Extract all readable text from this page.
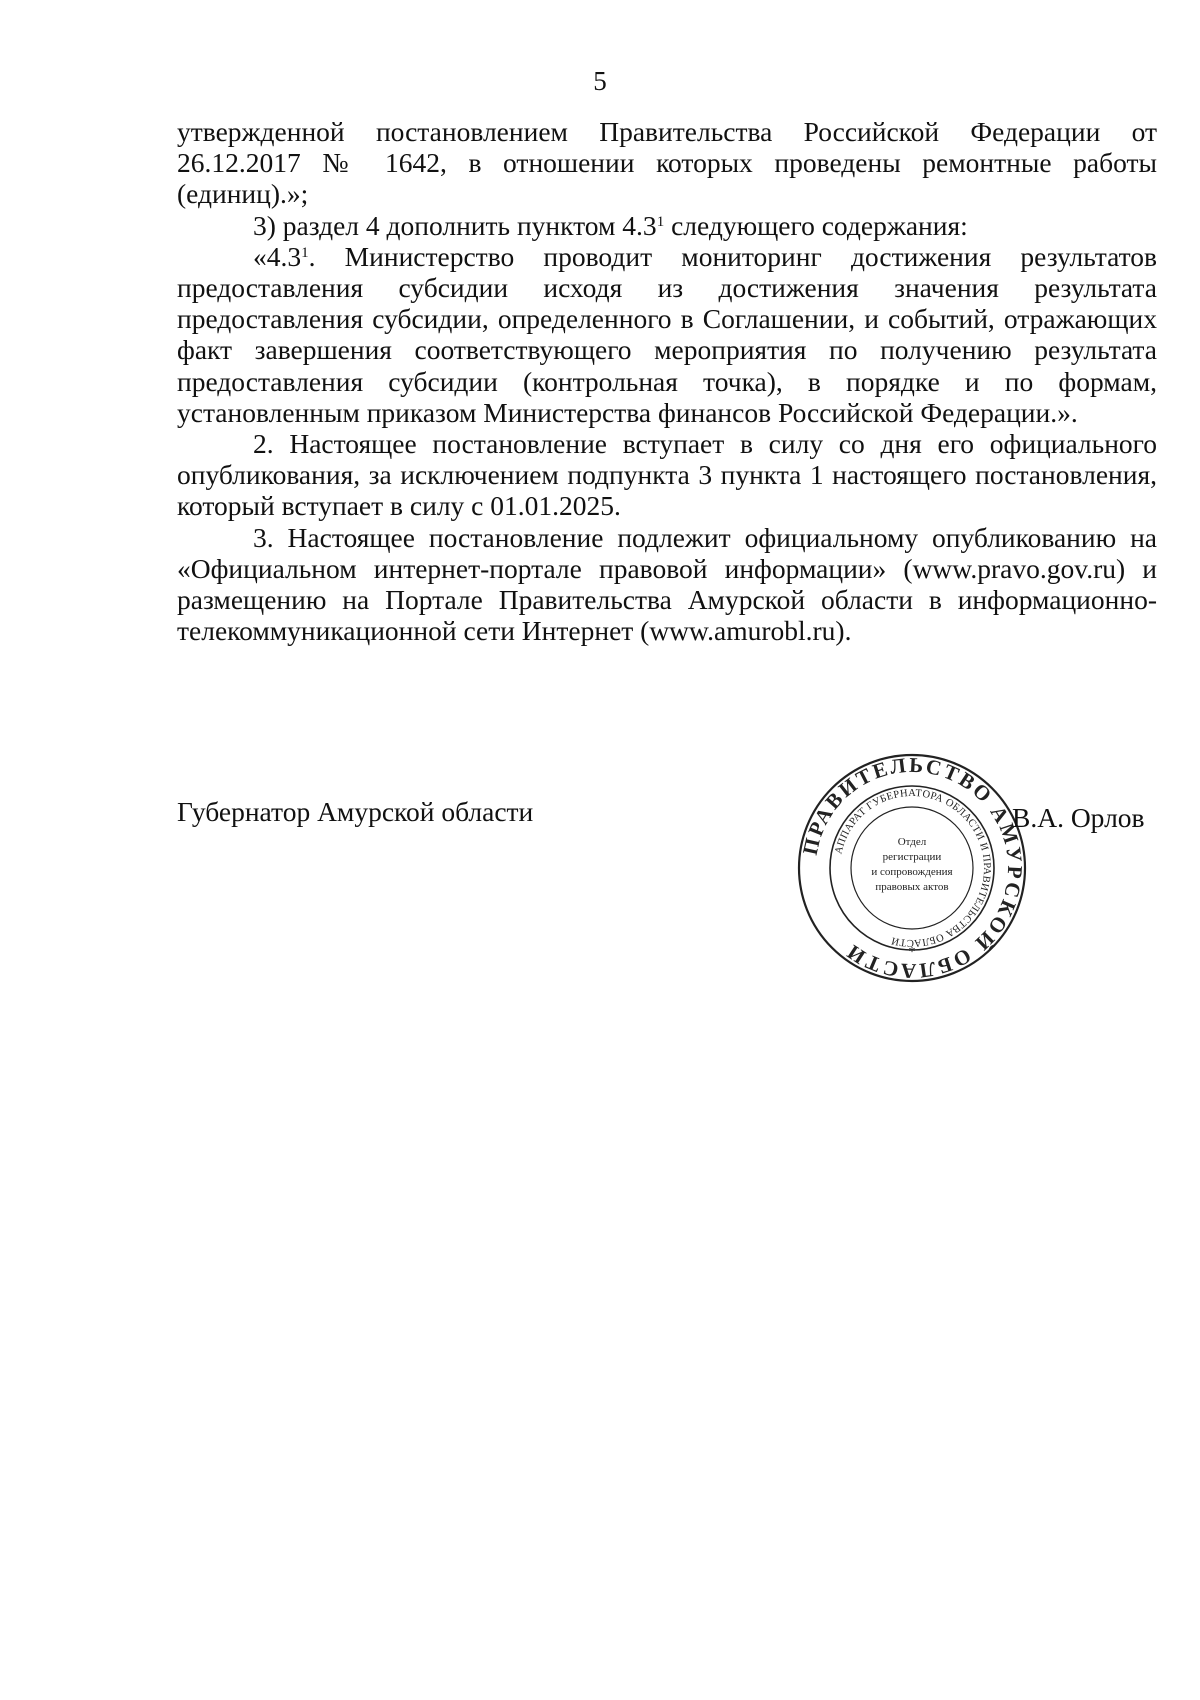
5

утвержденной постановлением Правительства Российской Федерации от 26.12.2017 № 1642, в отношении которых проведены ремонтные работы (единиц).»;

3) раздел 4 дополнить пунктом $4.3^1$ следующего содержания:

«$4.3^1$. Министерство проводит мониторинг достижения результатов предоставления субсидии исходя из достижения значения результата предоставления субсидии, определенного в Соглашении, и событий, отражающих факт завершения соответствующего мероприятия по получению результата предоставления субсидии (контрольная точка), в порядке и по формам, установленным приказом Министерства финансов Российской Федерации.».

2. Настоящее постановление вступает в силу со дня его официального опубликования, за исключением подпункта 3 пункта 1 настоящего постановления, который вступает в силу с 01.01.2025.

3. Настоящее постановление подлежит официальному опубликованию на «Официальном интернет-портале правовой информации» (www.pravo.gov.ru) и размещению на Портале Правительства Амурской области в информационно-телекоммуникационной сети Интернет (www.amurobl.ru).

Губернатор Амурской области
ПРАВИТЕЛЬСТВО АМУРСКОЙ ОБЛАСТИ
АППАРАТ ГУБЕРНАТОРА ОБЛАСТИ И ПРАВИТЕЛЬСТВА ОБЛАСТИ
Отдел
регистрации
и сопровождения
правовых актов
*
В.А. Орлов
